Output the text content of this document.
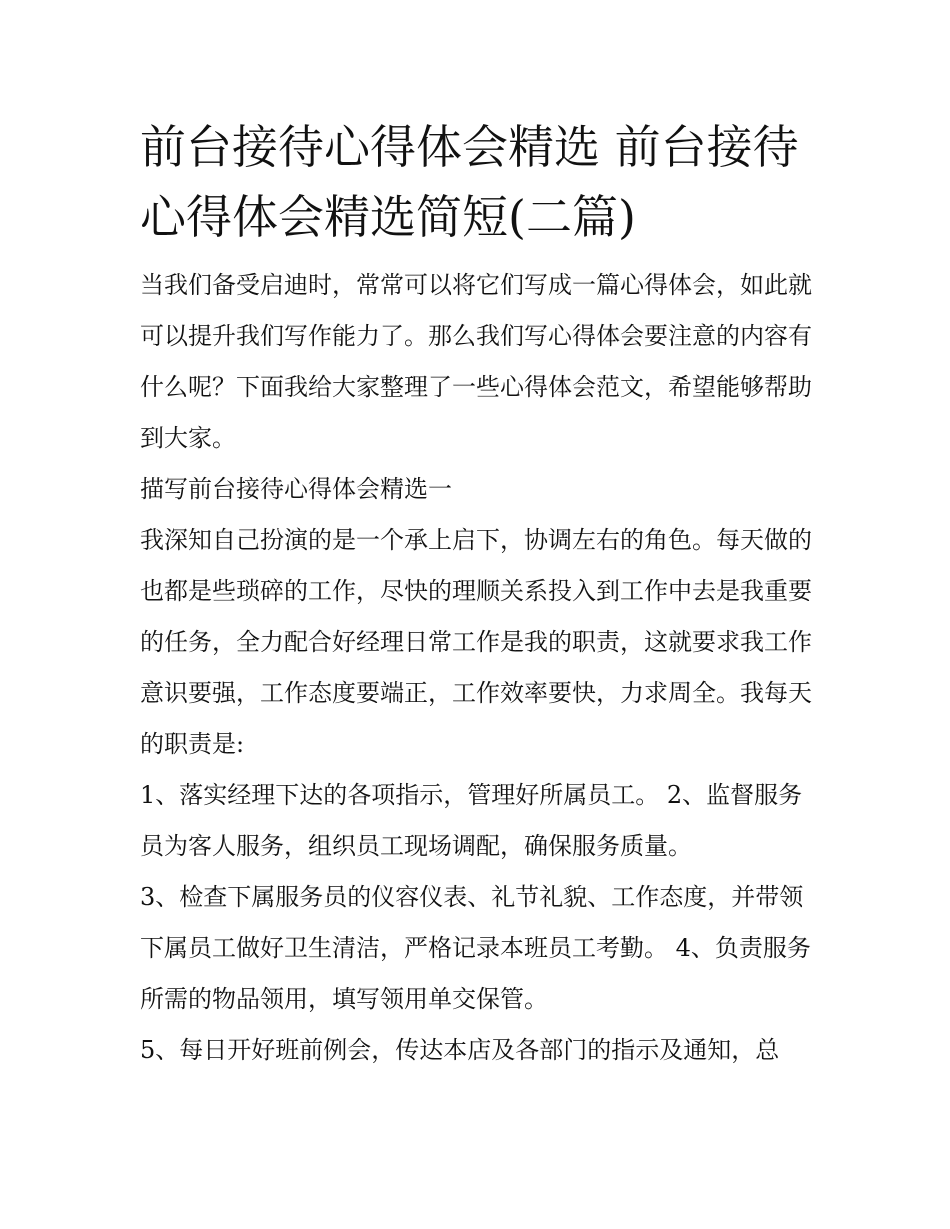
前台接待心得体会精选 前台接待心得体会精选简短(二篇)

当我们备受启迪时，常常可以将它们写成一篇心得体会，如此就可以提升我们写作能力了。那么我们写心得体会要注意的内容有什么呢？下面我给大家整理了一些心得体会范文，希望能够帮助到大家。

描写前台接待心得体会精选一

我深知自己扮演的是一个承上启下，协调左右的角色。每天做的也都是些琐碎的工作，尽快的理顺关系投入到工作中去是我重要的任务，全力配合好经理日常工作是我的职责，这就要求我工作意识要强，工作态度要端正，工作效率要快，力求周全。我每天的职责是:

1、落实经理下达的各项指示，管理好所属员工。 2、监督服务员为客人服务，组织员工现场调配，确保服务质量。

3、检查下属服务员的仪容仪表、礼节礼貌、工作态度，并带领下属员工做好卫生清洁，严格记录本班员工考勤。 4、负责服务所需的物品领用，填写领用单交保管。

5、每日开好班前例会，传达本店及各部门的指示及通知，总
